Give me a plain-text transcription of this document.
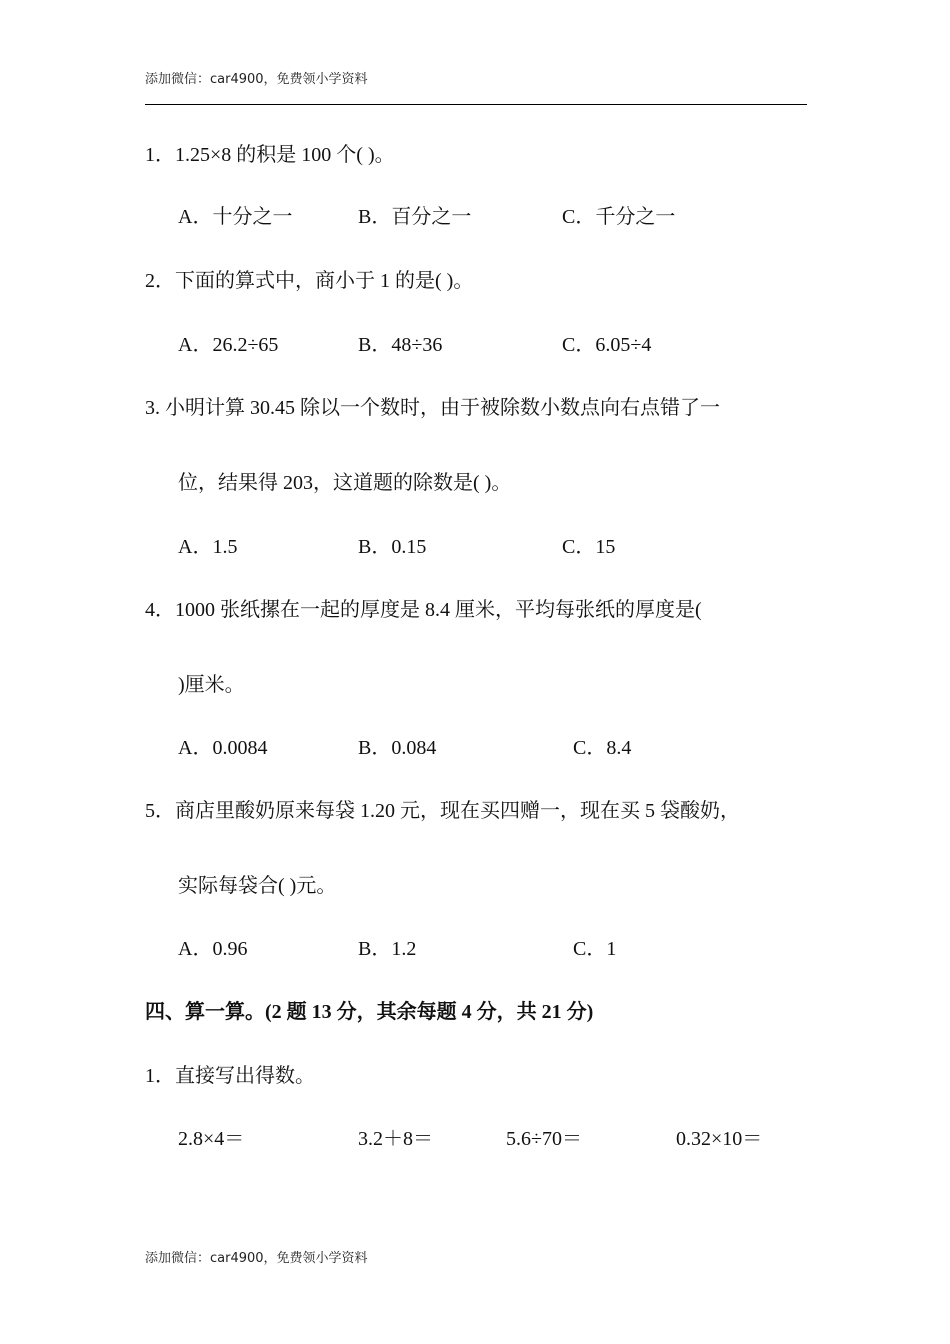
添加微信：car4900，免费领小学资料
1．1.25×8 的积是 100 个( )。
A．十分之一	B．百分之一	C．千分之一
2．下面的算式中，商小于 1 的是( )。
A．26.2÷65	B．48÷36	C．6.05÷4
3. 小明计算 30.45 除以一个数时，由于被除数小数点向右点错了一
位，结果得 203，这道题的除数是( )。
A．1.5	B．0.15	C．15
4．1000 张纸摞在一起的厚度是 8.4 厘米，平均每张纸的厚度是(
)厘米。
A．0.0084	B．0.084	C．8.4
5．商店里酸奶原来每袋 1.20 元，现在买四赠一，现在买 5 袋酸奶，
实际每袋合( )元。
A．0.96	B．1.2	C．1
四、算一算。(2 题 13 分，其余每题 4 分，共 21 分)
1．直接写出得数。
2.8×4＝	3.2＋8＝	5.6÷70＝	0.32×10＝
添加微信：car4900，免费领小学资料
